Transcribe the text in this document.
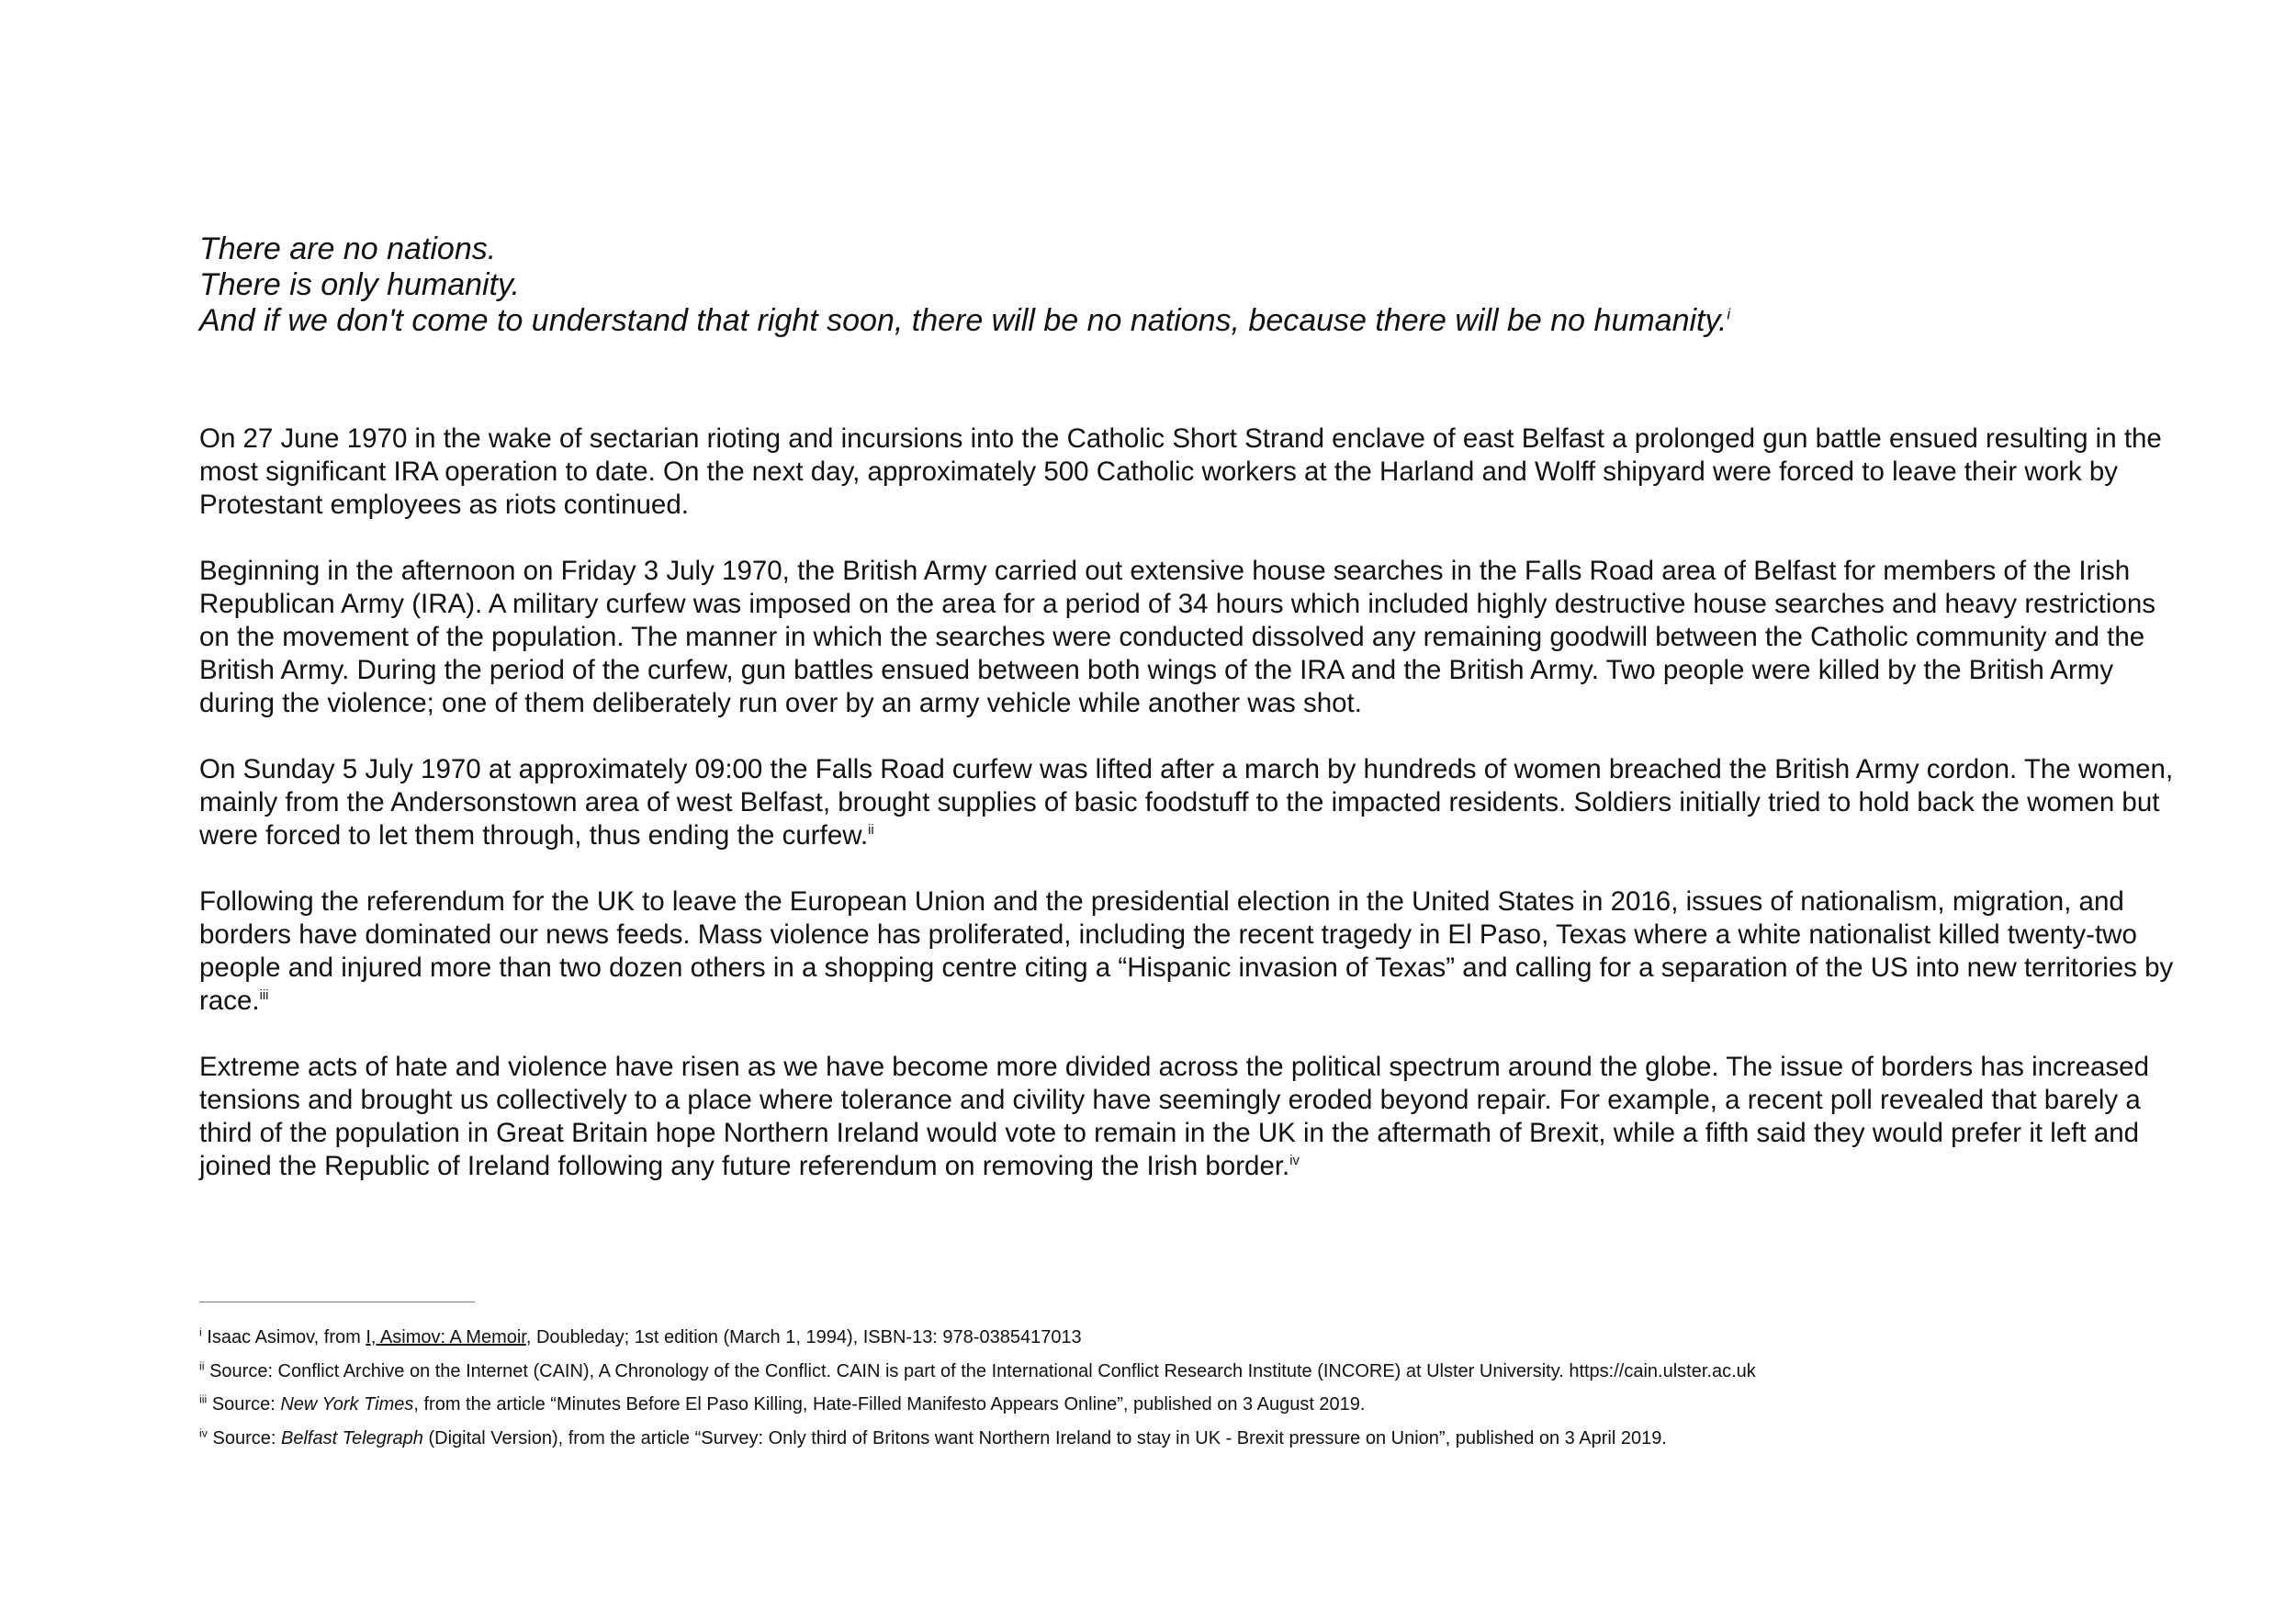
There are no nations.
There is only humanity.
And if we don't come to understand that right soon, there will be no nations, because there will be no humanity.$^i$

On 27 June 1970 in the wake of sectarian rioting and incursions into the Catholic Short Strand enclave of east Belfast a prolonged gun battle ensued resulting in the most significant IRA operation to date. On the next day, approximately 500 Catholic workers at the Harland and Wolff shipyard were forced to leave their work by Protestant employees as riots continued.

Beginning in the afternoon on Friday 3 July 1970, the British Army carried out extensive house searches in the Falls Road area of Belfast for members of the Irish Republican Army (IRA). A military curfew was imposed on the area for a period of 34 hours which included highly destructive house searches and heavy restrictions on the movement of the population. The manner in which the searches were conducted dissolved any remaining goodwill between the Catholic community and the British Army. During the period of the curfew, gun battles ensued between both wings of the IRA and the British Army. Two people were killed by the British Army during the violence; one of them deliberately run over by an army vehicle while another was shot.

On Sunday 5 July 1970 at approximately 09:00 the Falls Road curfew was lifted after a march by hundreds of women breached the British Army cordon. The women, mainly from the Andersonstown area of west Belfast, brought supplies of basic foodstuff to the impacted residents. Soldiers initially tried to hold back the women but were forced to let them through, thus ending the curfew.$^{ii}$

Following the referendum for the UK to leave the European Union and the presidential election in the United States in 2016, issues of nationalism, migration, and borders have dominated our news feeds. Mass violence has proliferated, including the recent tragedy in El Paso, Texas where a white nationalist killed twenty-two people and injured more than two dozen others in a shopping centre citing a “Hispanic invasion of Texas” and calling for a separation of the US into new territories by race.$^{iii}$

Extreme acts of hate and violence have risen as we have become more divided across the political spectrum around the globe. The issue of borders has increased tensions and brought us collectively to a place where tolerance and civility have seemingly eroded beyond repair. For example, a recent poll revealed that barely a third of the population in Great Britain hope Northern Ireland would vote to remain in the UK in the aftermath of Brexit, while a fifth said they would prefer it left and joined the Republic of Ireland following any future referendum on removing the Irish border.$^{iv}$

$^i$ Isaac Asimov, from I, Asimov: A Memoir, Doubleday; 1st edition (March 1, 1994), ISBN-13: 978-0385417013
$^{ii}$ Source: Conflict Archive on the Internet (CAIN), A Chronology of the Conflict. CAIN is part of the International Conflict Research Institute (INCORE) at Ulster University. https://cain.ulster.ac.uk
$^{iii}$ Source: New York Times, from the article “Minutes Before El Paso Killing, Hate-Filled Manifesto Appears Online”, published on 3 August 2019.
$^{iv}$ Source: Belfast Telegraph (Digital Version), from the article “Survey: Only third of Britons want Northern Ireland to stay in UK - Brexit pressure on Union”, published on 3 April 2019.
